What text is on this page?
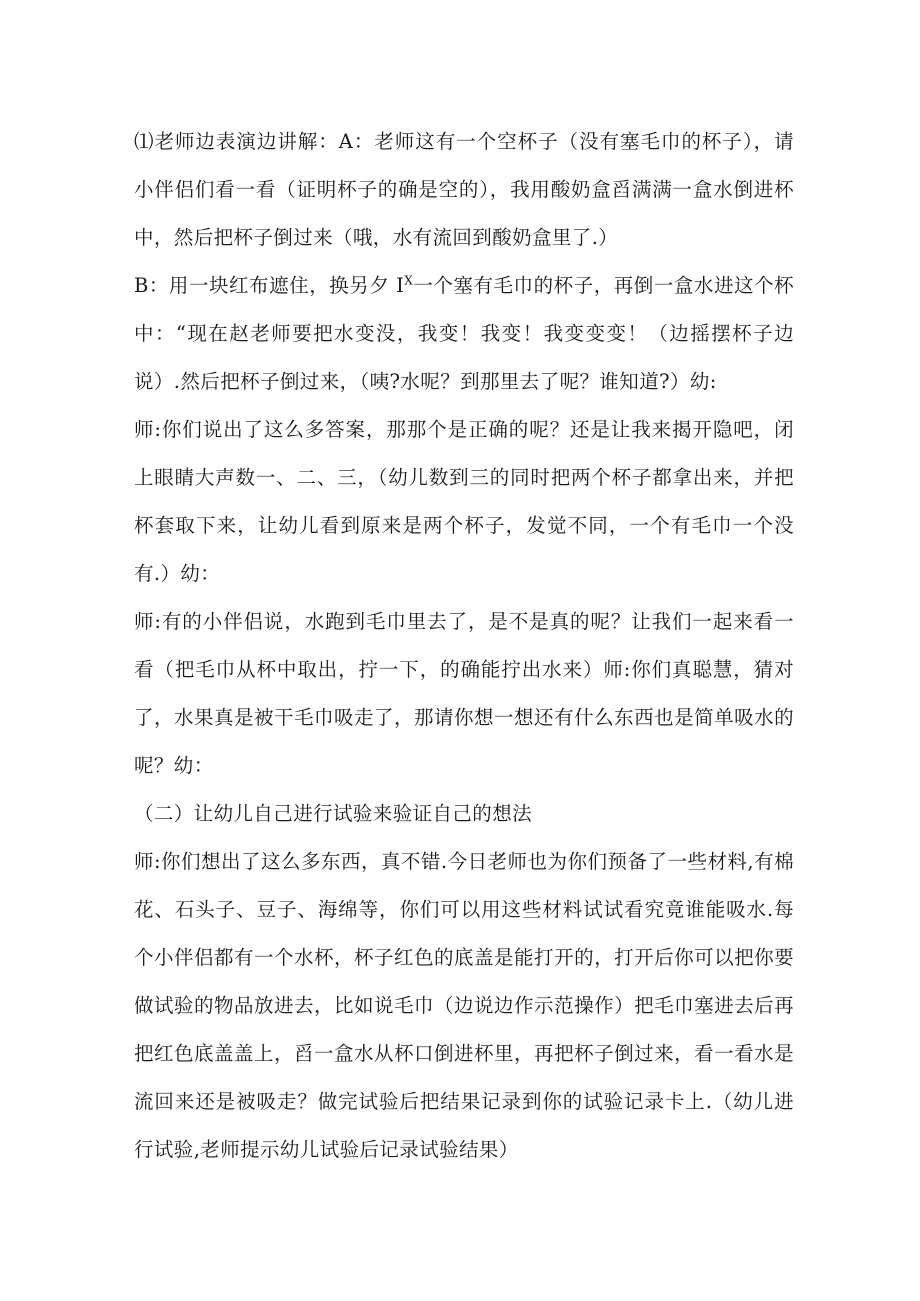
⑴老师边表演边讲解：A：老师这有一个空杯子（没有塞毛巾的杯子），请小伴侣们看一看（证明杯子的确是空的），我用酸奶盒舀满满一盒水倒进杯中，然后把杯子倒过来（哦，水有流回到酸奶盒里了.）

B：用一块红布遮住，换另夕 $I^X$一个塞有毛巾的杯子，再倒一盒水进这个杯中：“现在赵老师要把水变没，我变！我变！我变变变！（边摇摆杯子边说）.然后把杯子倒过来，（咦?水呢？到那里去了呢？谁知道?）幼:

师:你们说出了这么多答案，那那个是正确的呢？还是让我来揭开隐吧，闭上眼睛大声数一、二、三，（幼儿数到三的同时把两个杯子都拿出来，并把杯套取下来，让幼儿看到原来是两个杯子，发觉不同，一个有毛巾一个没有.）幼：

师:有的小伴侣说，水跑到毛巾里去了，是不是真的呢？让我们一起来看一看（把毛巾从杯中取出，拧一下，的确能拧出水来）师:你们真聪慧，猜对了，水果真是被干毛巾吸走了，那请你想一想还有什么东西也是简单吸水的呢？幼：

（二）让幼儿自己进行试验来验证自己的想法

师:你们想出了这么多东西，真不错.今日老师也为你们预备了一些材料,有棉花、石头子、豆子、海绵等，你们可以用这些材料试试看究竟谁能吸水.每个小伴侣都有一个水杯，杯子红色的底盖是能打开的，打开后你可以把你要做试验的物品放进去，比如说毛巾（边说边作示范操作）把毛巾塞进去后再把红色底盖盖上，舀一盒水从杯口倒进杯里，再把杯子倒过来，看一看水是流回来还是被吸走？做完试验后把结果记录到你的试验记录卡上.（幼儿进行试验,老师提示幼儿试验后记录试验结果）
